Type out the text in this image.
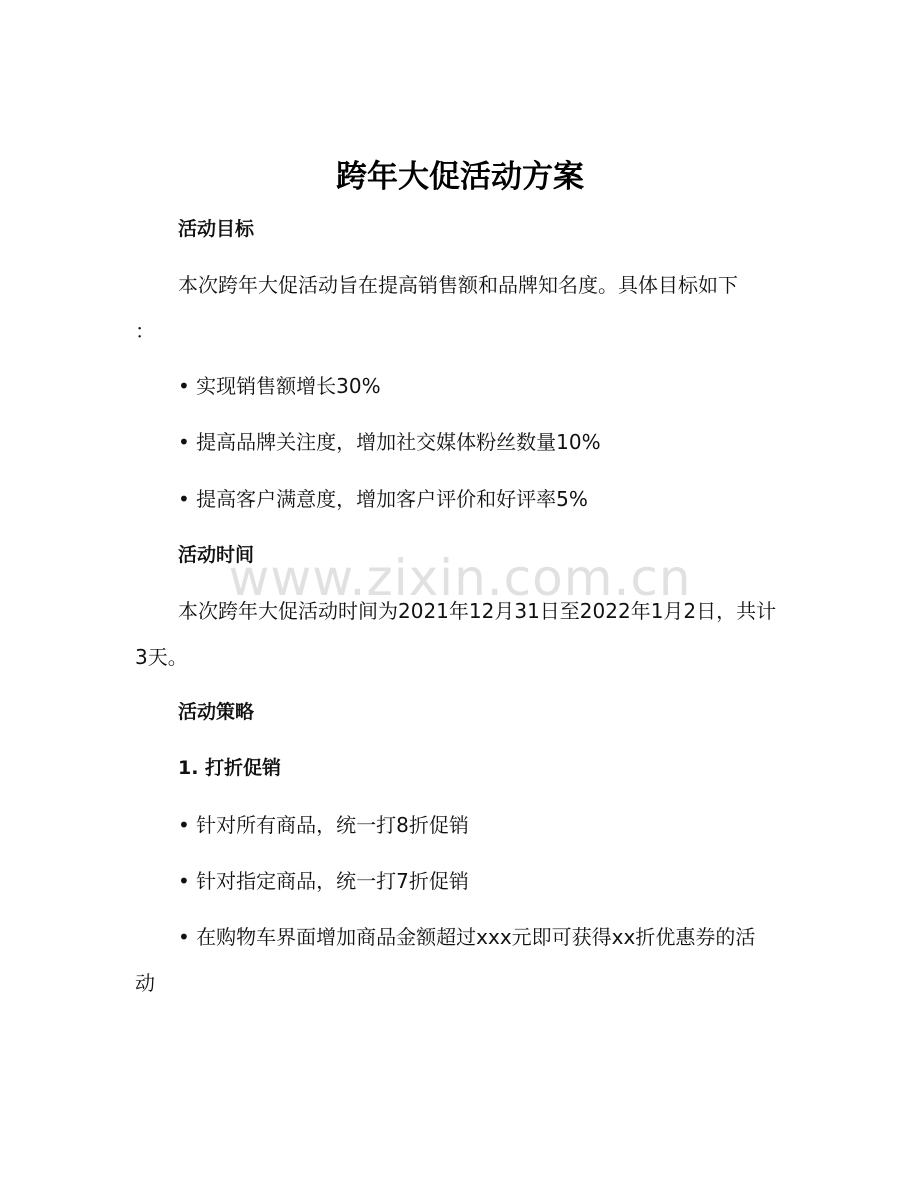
跨年大促活动方案
活动目标
本次跨年大促活动旨在提高销售额和品牌知名度。具体目标如下
：
• 实现销售额增长30%
• 提高品牌关注度，增加社交媒体粉丝数量10%
• 提高客户满意度，增加客户评价和好评率5%
活动时间
www.zixin.com.cn
本次跨年大促活动时间为2021年12月31日至2022年1月2日，共计
3天。
活动策略
1. 打折促销
• 针对所有商品，统一打8折促销
• 针对指定商品，统一打7折促销
• 在购物车界面增加商品金额超过xxx元即可获得xx折优惠券的活
动
